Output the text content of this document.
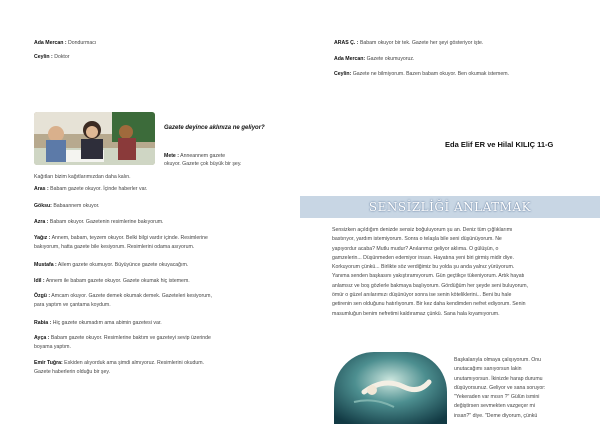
Ada Mercan : Dondurmacı
Ceylin : Doktor
Gazete deyince aklınıza ne geliyor?
Mete : Anneannem gazete
okuyor. Gazete çok büyük bir şey.
Kağıtları bizim kağıtlarımızdan daha kalın.
Aras : Babam gazete okuyor. İçinde haberler var.
Göksu: Babaannem okuyor.
Azra : Babam okuyor. Gazetenin resimlerine bakıyorum.
Yağız : Annem, babam, teyzem okuyor. Belki bilgi vardır içinde. Resimlerine
bakıyorum, hatta gazete bile kesiyorum. Resimlerini odama asıyorum.
Mustafa : Ailem gazete okumuyor. Büyüyünce gazete okuyacağım.
Idil : Annem ile babam gazete okuyor. Gazete okumak hiç istemem.
Özgü : Amcam okuyor. Gazete demek okumak demek. Gazeteleri kesiyorum,
para yaptım ve çantama koydum.
Rabia : Hiç gazete okumadım ama abimin gazetesi var.
Ayça : Babam gazete okuyor. Resimlerine baktım ve gazeteyi sevip üzerinde
boyama yaptım.
Emir Tuğra: Eskiden alıyorduk ama şimdi almıyoruz. Resimlerini okudum.
Gazete haberlerin olduğu bir şey.
ARAS Ç. : Babam okuyor bir tek. Gazete her şeyi gösteriyor işte.
Ada Mercan: Gazete okumuyoruz.
Ceylin: Gazete ne bilmiyorum. Bazen babam okuyor. Ben okumak istemem.
Eda Elif ER ve Hilal KILIÇ 11-G
SENSİZLİĞİ ANLATMAK
Sensizken açıldığım denizde sensiz boğuluyorum şu an. Deniz tüm çığlıklarımı
bastırıyor, yardım istemiyorum. Sonra o telaşla bile seni düşünüyorum. Ne
yapıyordur acaba? Mutlu mudur? Anılarımız geliyor aklıma. O gülüşün, o
gamzelerin... Düşünmeden edemiyor insan. Hayatına yeni biri girmiş midir diye.
Korkuyorum çünkü... Birlikte söz verdiğimiz bu yolda şu anda yalnız yürüyorum.
Yanıma senden başkasını yakıştıramıyorum. Gün geçtikçe tükeniyorum. Artık hayatı
anlamsız ve boş gözlerle bakmaya başlıyorum. Gördüğüm her şeyde seni buluyorum,
ömür o güzel anılarımızı düşünüyor sonra ise senin köteliklerini... Beni bu hale
getirenin sen olduğunu hatırlıyorum. Bir kez daha kendimden nefret ediyorum. Senin
masumluğun benim nefretimi kaldıramaz çünkü. Sana hala kıyamıyorum.
Başkalarıyla olmaya çalışıyorum. Onu
unutacağımı sanıyorsun lakin
unutamıyorsun. İkinizde harap durumu
düşüyorsunuz. Geliyor ve sana soruyor:
"Yekeraden var mısın ?" Gülün ismini
değiştirsen sevmekten vazgeçer mi
insan?" diye. "Deme diyorum, çünkü
